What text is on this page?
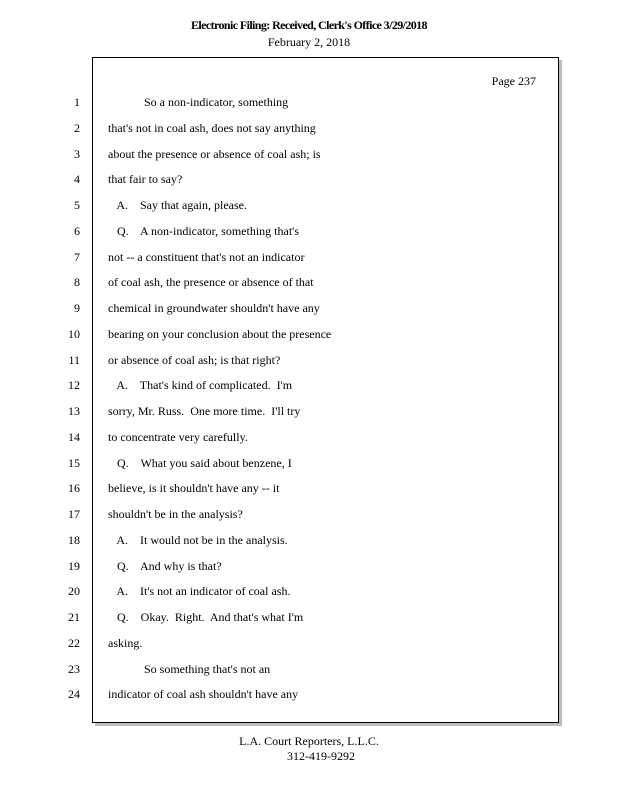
Electronic Filing: Received, Clerk's Office 3/29/2018
February 2, 2018
Page 237
1 So a non-indicator, something
2 that's not in coal ash, does not say anything
3 about the presence or absence of coal ash; is
4 that fair to say?
5 A.    Say that again, please.
6 Q.    A non-indicator, something that's
7 not -- a constituent that's not an indicator
8 of coal ash, the presence or absence of that
9 chemical in groundwater shouldn't have any
10 bearing on your conclusion about the presence
11 or absence of coal ash; is that right?
12 A.    That's kind of complicated.  I'm
13 sorry, Mr. Russ.  One more time.  I'll try
14 to concentrate very carefully.
15 Q.    What you said about benzene, I
16 believe, is it shouldn't have any -- it
17 shouldn't be in the analysis?
18 A.    It would not be in the analysis.
19 Q.    And why is that?
20 A.    It's not an indicator of coal ash.
21 Q.    Okay.  Right.  And that's what I'm
22 asking.
23 So something that's not an
24 indicator of coal ash shouldn't have any
L.A. Court Reporters, L.L.C.
312-419-9292
